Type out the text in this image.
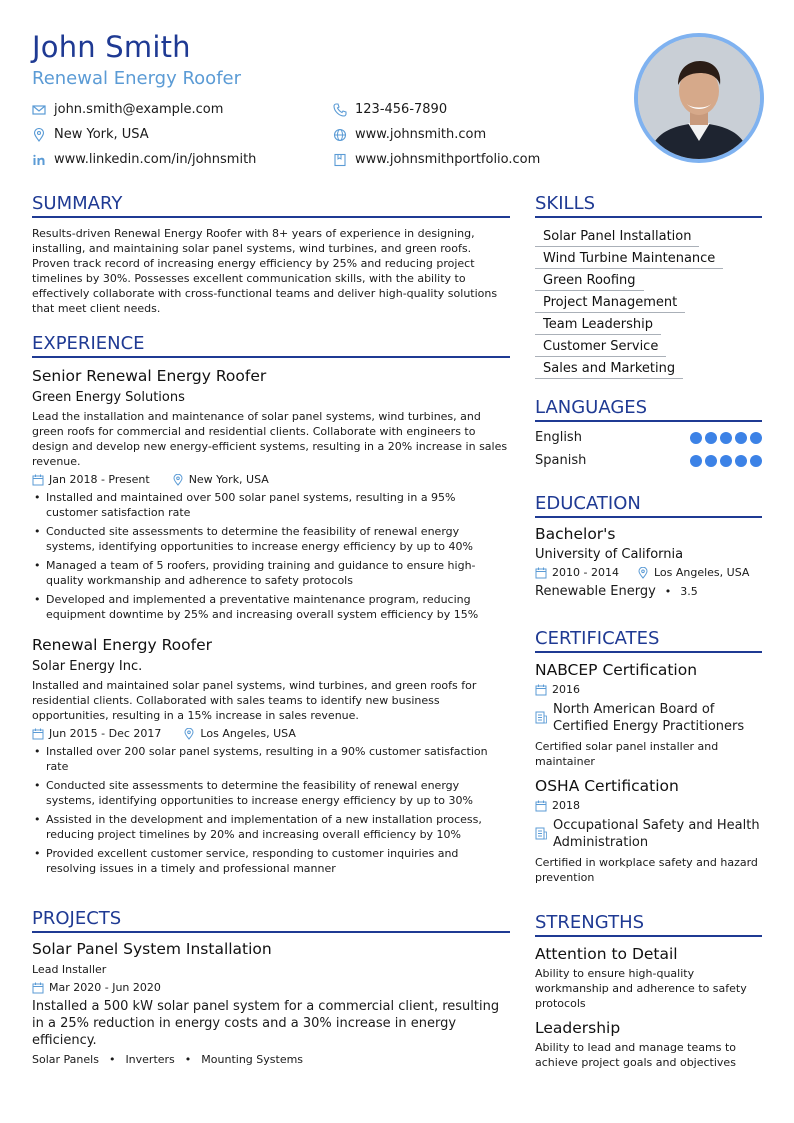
John Smith
Renewal Energy Roofer
john.smith@example.com	123-456-7890
New York, USA	www.johnsmith.com
www.linkedin.com/in/johnsmith	www.johnsmithportfolio.com
SUMMARY
Results-driven Renewal Energy Roofer with 8+ years of experience in designing, installing, and maintaining solar panel systems, wind turbines, and green roofs. Proven track record of increasing energy efficiency by 25% and reducing project timelines by 30%. Possesses excellent communication skills, with the ability to effectively collaborate with cross-functional teams and deliver high-quality solutions that meet client needs.
EXPERIENCE
Senior Renewal Energy Roofer
Green Energy Solutions
Lead the installation and maintenance of solar panel systems, wind turbines, and green roofs for commercial and residential clients. Collaborate with engineers to design and develop new energy-efficient systems, resulting in a 20% increase in sales revenue.
Jan 2018 - Present	New York, USA
• Installed and maintained over 500 solar panel systems, resulting in a 95% customer satisfaction rate
• Conducted site assessments to determine the feasibility of renewal energy systems, identifying opportunities to increase energy efficiency by up to 40%
• Managed a team of 5 roofers, providing training and guidance to ensure high-quality workmanship and adherence to safety protocols
• Developed and implemented a preventative maintenance program, reducing equipment downtime by 25% and increasing overall system efficiency by 15%
Renewal Energy Roofer
Solar Energy Inc.
Installed and maintained solar panel systems, wind turbines, and green roofs for residential clients. Collaborated with sales teams to identify new business opportunities, resulting in a 15% increase in sales revenue.
Jun 2015 - Dec 2017	Los Angeles, USA
• Installed over 200 solar panel systems, resulting in a 90% customer satisfaction rate
• Conducted site assessments to determine the feasibility of renewal energy systems, identifying opportunities to increase energy efficiency by up to 30%
• Assisted in the development and implementation of a new installation process, reducing project timelines by 20% and increasing overall efficiency by 10%
• Provided excellent customer service, responding to customer inquiries and resolving issues in a timely and professional manner
PROJECTS
Solar Panel System Installation
Lead Installer
Mar 2020 - Jun 2020
Installed a 500 kW solar panel system for a commercial client, resulting in a 25% reduction in energy costs and a 30% increase in energy efficiency.
Solar Panels • Inverters • Mounting Systems
SKILLS
Solar Panel Installation
Wind Turbine Maintenance
Green Roofing
Project Management
Team Leadership
Customer Service
Sales and Marketing
LANGUAGES
English
Spanish
EDUCATION
Bachelor's
University of California
2010 - 2014	Los Angeles, USA
Renewable Energy • 3.5
CERTIFICATES
NABCEP Certification
2016
North American Board of Certified Energy Practitioners
Certified solar panel installer and maintainer
OSHA Certification
2018
Occupational Safety and Health Administration
Certified in workplace safety and hazard prevention
STRENGTHS
Attention to Detail
Ability to ensure high-quality workmanship and adherence to safety protocols
Leadership
Ability to lead and manage teams to achieve project goals and objectives
